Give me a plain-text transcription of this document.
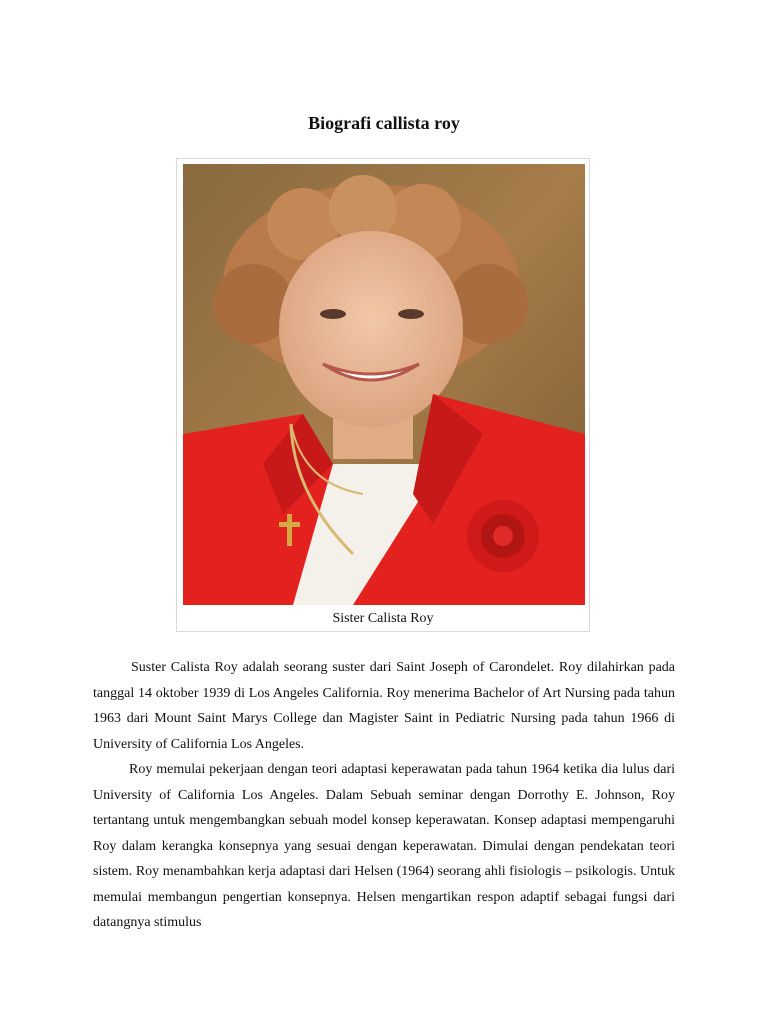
Biografi callista roy
Sister Calista Roy

Suster Calista Roy adalah seorang suster dari Saint Joseph of Carondelet. Roy dilahirkan pada tanggal 14 oktober 1939 di Los Angeles California. Roy menerima Bachelor of Art Nursing pada tahun 1963 dari Mount Saint Marys College dan Magister Saint in Pediatric Nursing pada tahun 1966 di University of California Los Angeles.

Roy memulai pekerjaan dengan teori adaptasi keperawatan pada tahun 1964 ketika dia lulus dari University of California Los Angeles. Dalam Sebuah seminar dengan Dorrothy E. Johnson, Roy tertantang untuk mengembangkan sebuah model konsep keperawatan. Konsep adaptasi mempengaruhi Roy dalam kerangka konsepnya yang sesuai dengan keperawatan. Dimulai dengan pendekatan teori sistem. Roy menambahkan kerja adaptasi dari Helsen (1964) seorang ahli fisiologis – psikologis. Untuk memulai membangun pengertian konsepnya. Helsen mengartikan respon adaptif sebagai fungsi dari datangnya stimulus
